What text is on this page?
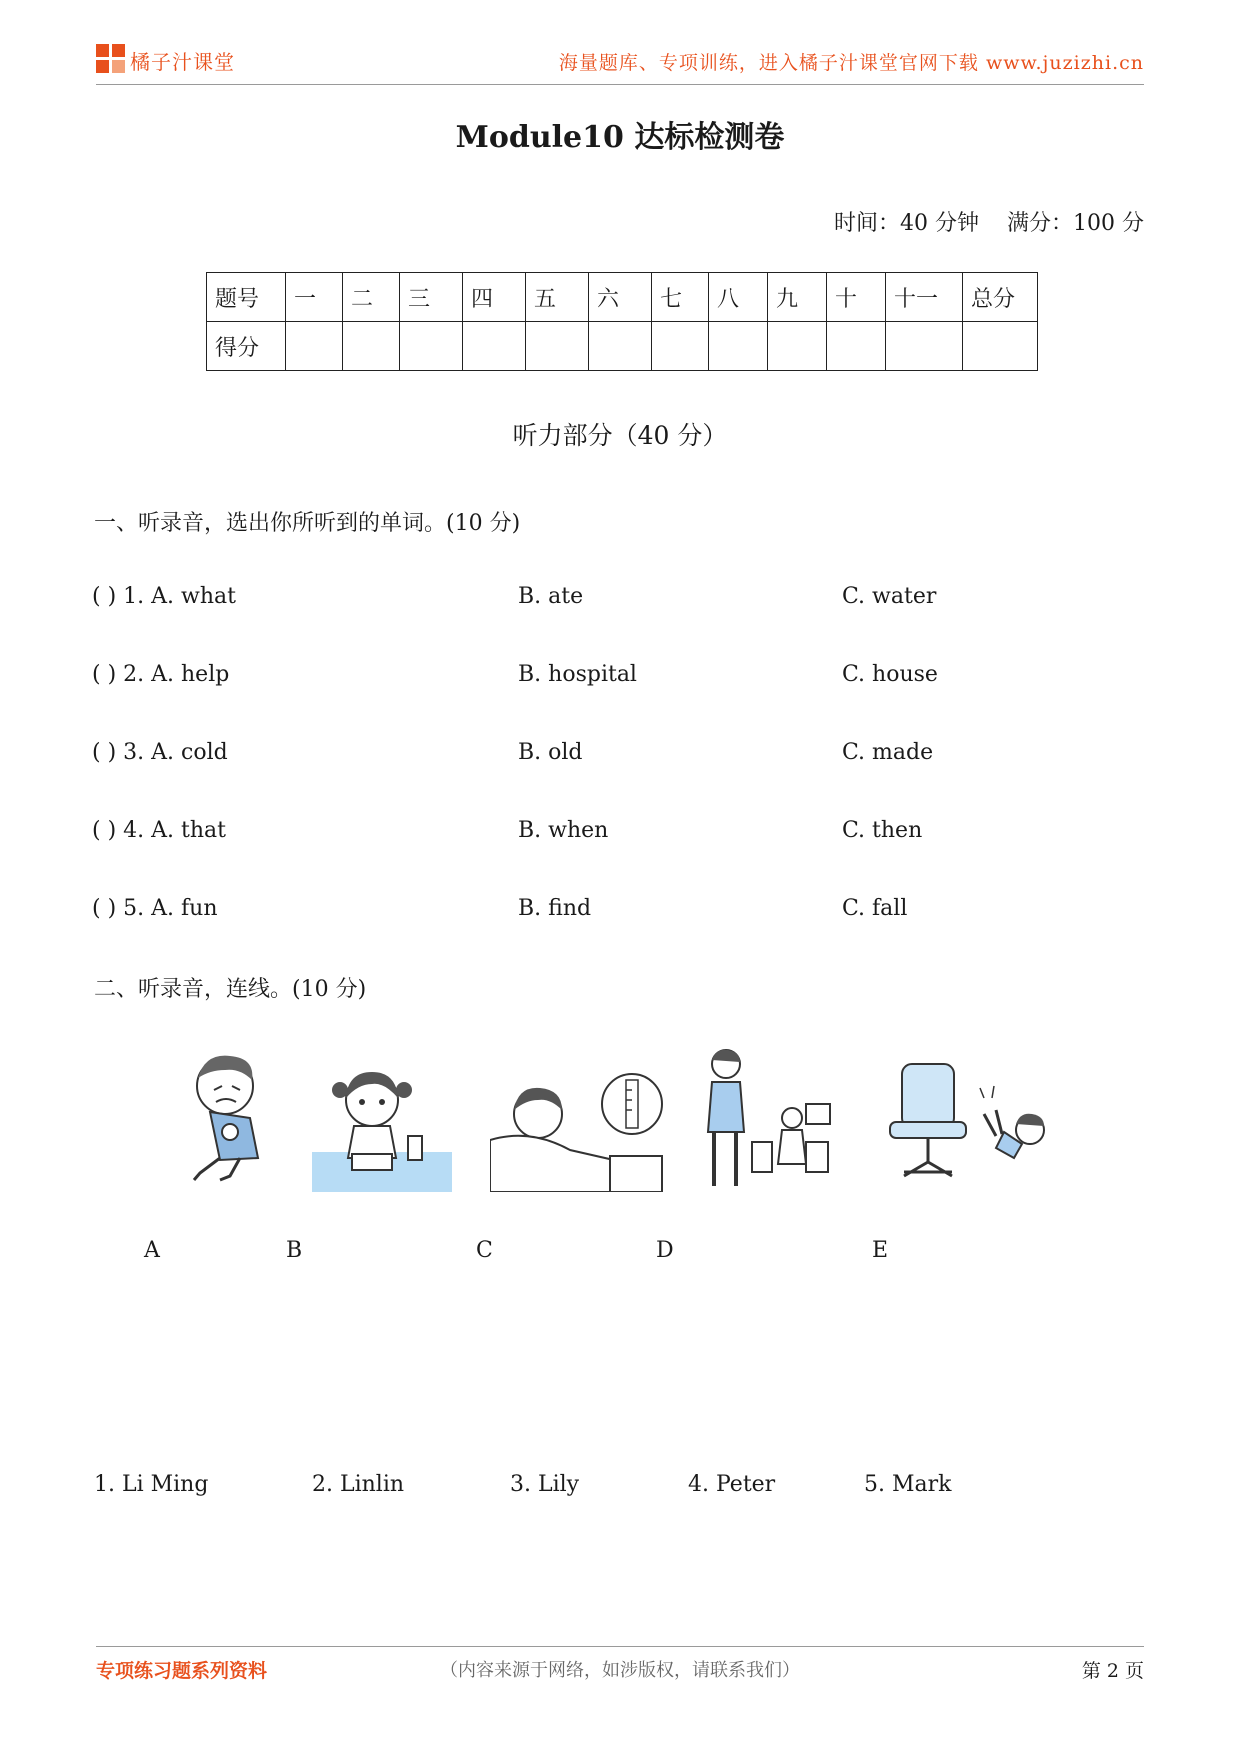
橘子汁课堂	海量题库、专项训练，进入橘子汁课堂官网下载 www.juzizhi.cn
Module10 达标检测卷
时间：40 分钟 满分：100 分
题号	一	二	三	四	五	六	七	八	九	十	十一	总分
得分												
听力部分（40 分）
一、听录音，选出你所听到的单词。(10 分)
( ) 1. A. what	B. ate	C. water
( ) 2. A. help	B. hospital	C. house
( ) 3. A. cold	B. old	C. made
( ) 4. A. that	B. when	C. then
( ) 5. A. fun	B. find	C. fall
二、听录音，连线。(10 分)
A	B	C	D	E
1. Li Ming	2. Linlin	3. Lily	4. Peter	5. Mark
专项练习题系列资料	（内容来源于网络，如涉版权，请联系我们）	第 2 页
